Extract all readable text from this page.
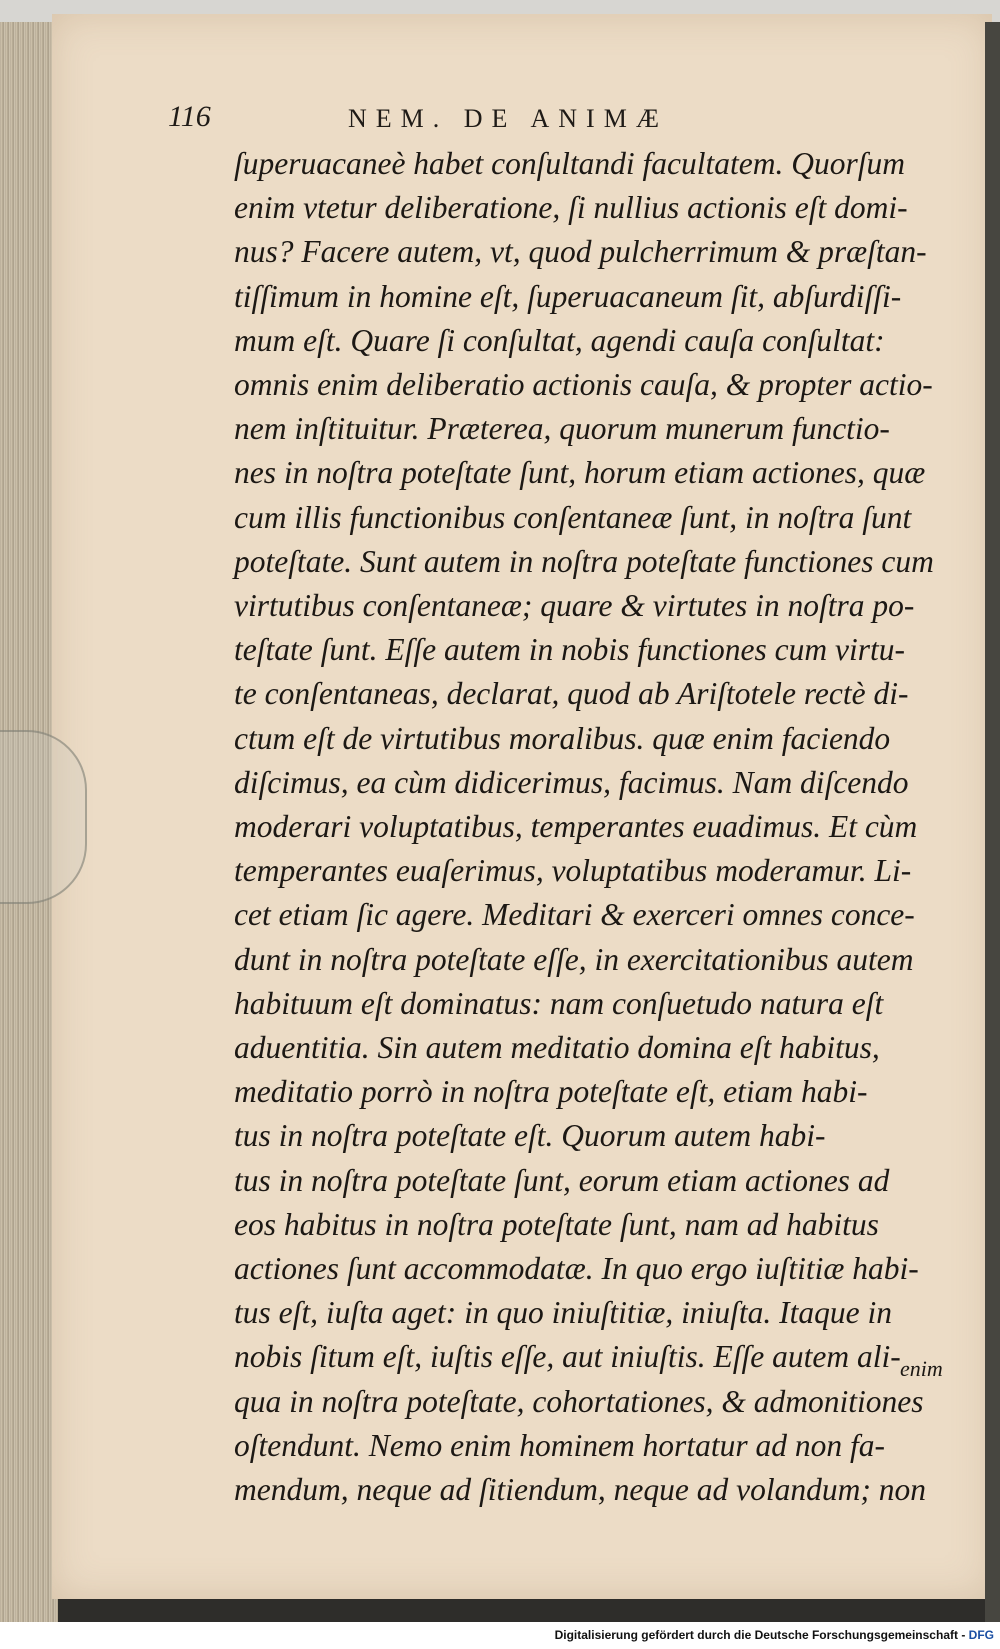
116	NEM. DE ANIMÆ
ſuperuacaneè habet conſultandi facultatem. Quorſum
enim vtetur deliberatione, ſi nullius actionis eſt domi-
nus? Facere autem, vt, quod pulcherrimum & præſtan-
tiſſimum in homine eſt, ſuperuacaneum ſit, abſurdiſſi-
mum eſt. Quare ſi conſultat, agendi cauſa conſultat:
omnis enim deliberatio actionis cauſa, & propter actio-
nem inſtituitur. Præterea, quorum munerum functio-
nes in noſtra poteſtate ſunt, horum etiam actiones, quæ
cum illis functionibus conſentaneæ ſunt, in noſtra ſunt
poteſtate. Sunt autem in noſtra poteſtate functiones cum
virtutibus conſentaneæ; quare & virtutes in noſtra po-
teſtate ſunt. Eſſe autem in nobis functiones cum virtu-
te conſentaneas, declarat, quod ab Ariſtotele rectè di-
ctum eſt de virtutibus moralibus. quæ enim faciendo
diſcimus, ea cùm didicerimus, facimus. Nam diſcendo
moderari voluptatibus, temperantes euadimus. Et cùm
temperantes euaſerimus, voluptatibus moderamur. Li-
cet etiam ſic agere. Meditari & exerceri omnes conce-
dunt in noſtra poteſtate eſſe, in exercitationibus autem
habituum eſt dominatus: nam conſuetudo natura eſt
aduentitia. Sin autem meditatio domina eſt habitus,
meditatio porrò in noſtra poteſtate eſt, etiam habi-
tus in noſtra poteſtate eſt. Quorum autem habi-
tus in noſtra poteſtate ſunt, eorum etiam actiones ad
eos habitus in noſtra poteſtate ſunt, nam ad habitus
actiones ſunt accommodatæ. In quo ergo iuſtitiæ habi-
tus eſt, iuſta aget: in quo iniuſtitiæ, iniuſta. Itaque in
nobis ſitum eſt, iuſtis eſſe, aut iniuſtis. Eſſe autem ali-
qua in noſtra poteſtate, cohortationes, & admonitiones
oſtendunt. Nemo enim hominem hortatur ad non fa-
mendum, neque ad ſitiendum, neque ad volandum; non
enim
Digitalisierung gefördert durch die Deutsche Forschungsgemeinschaft - DFG
